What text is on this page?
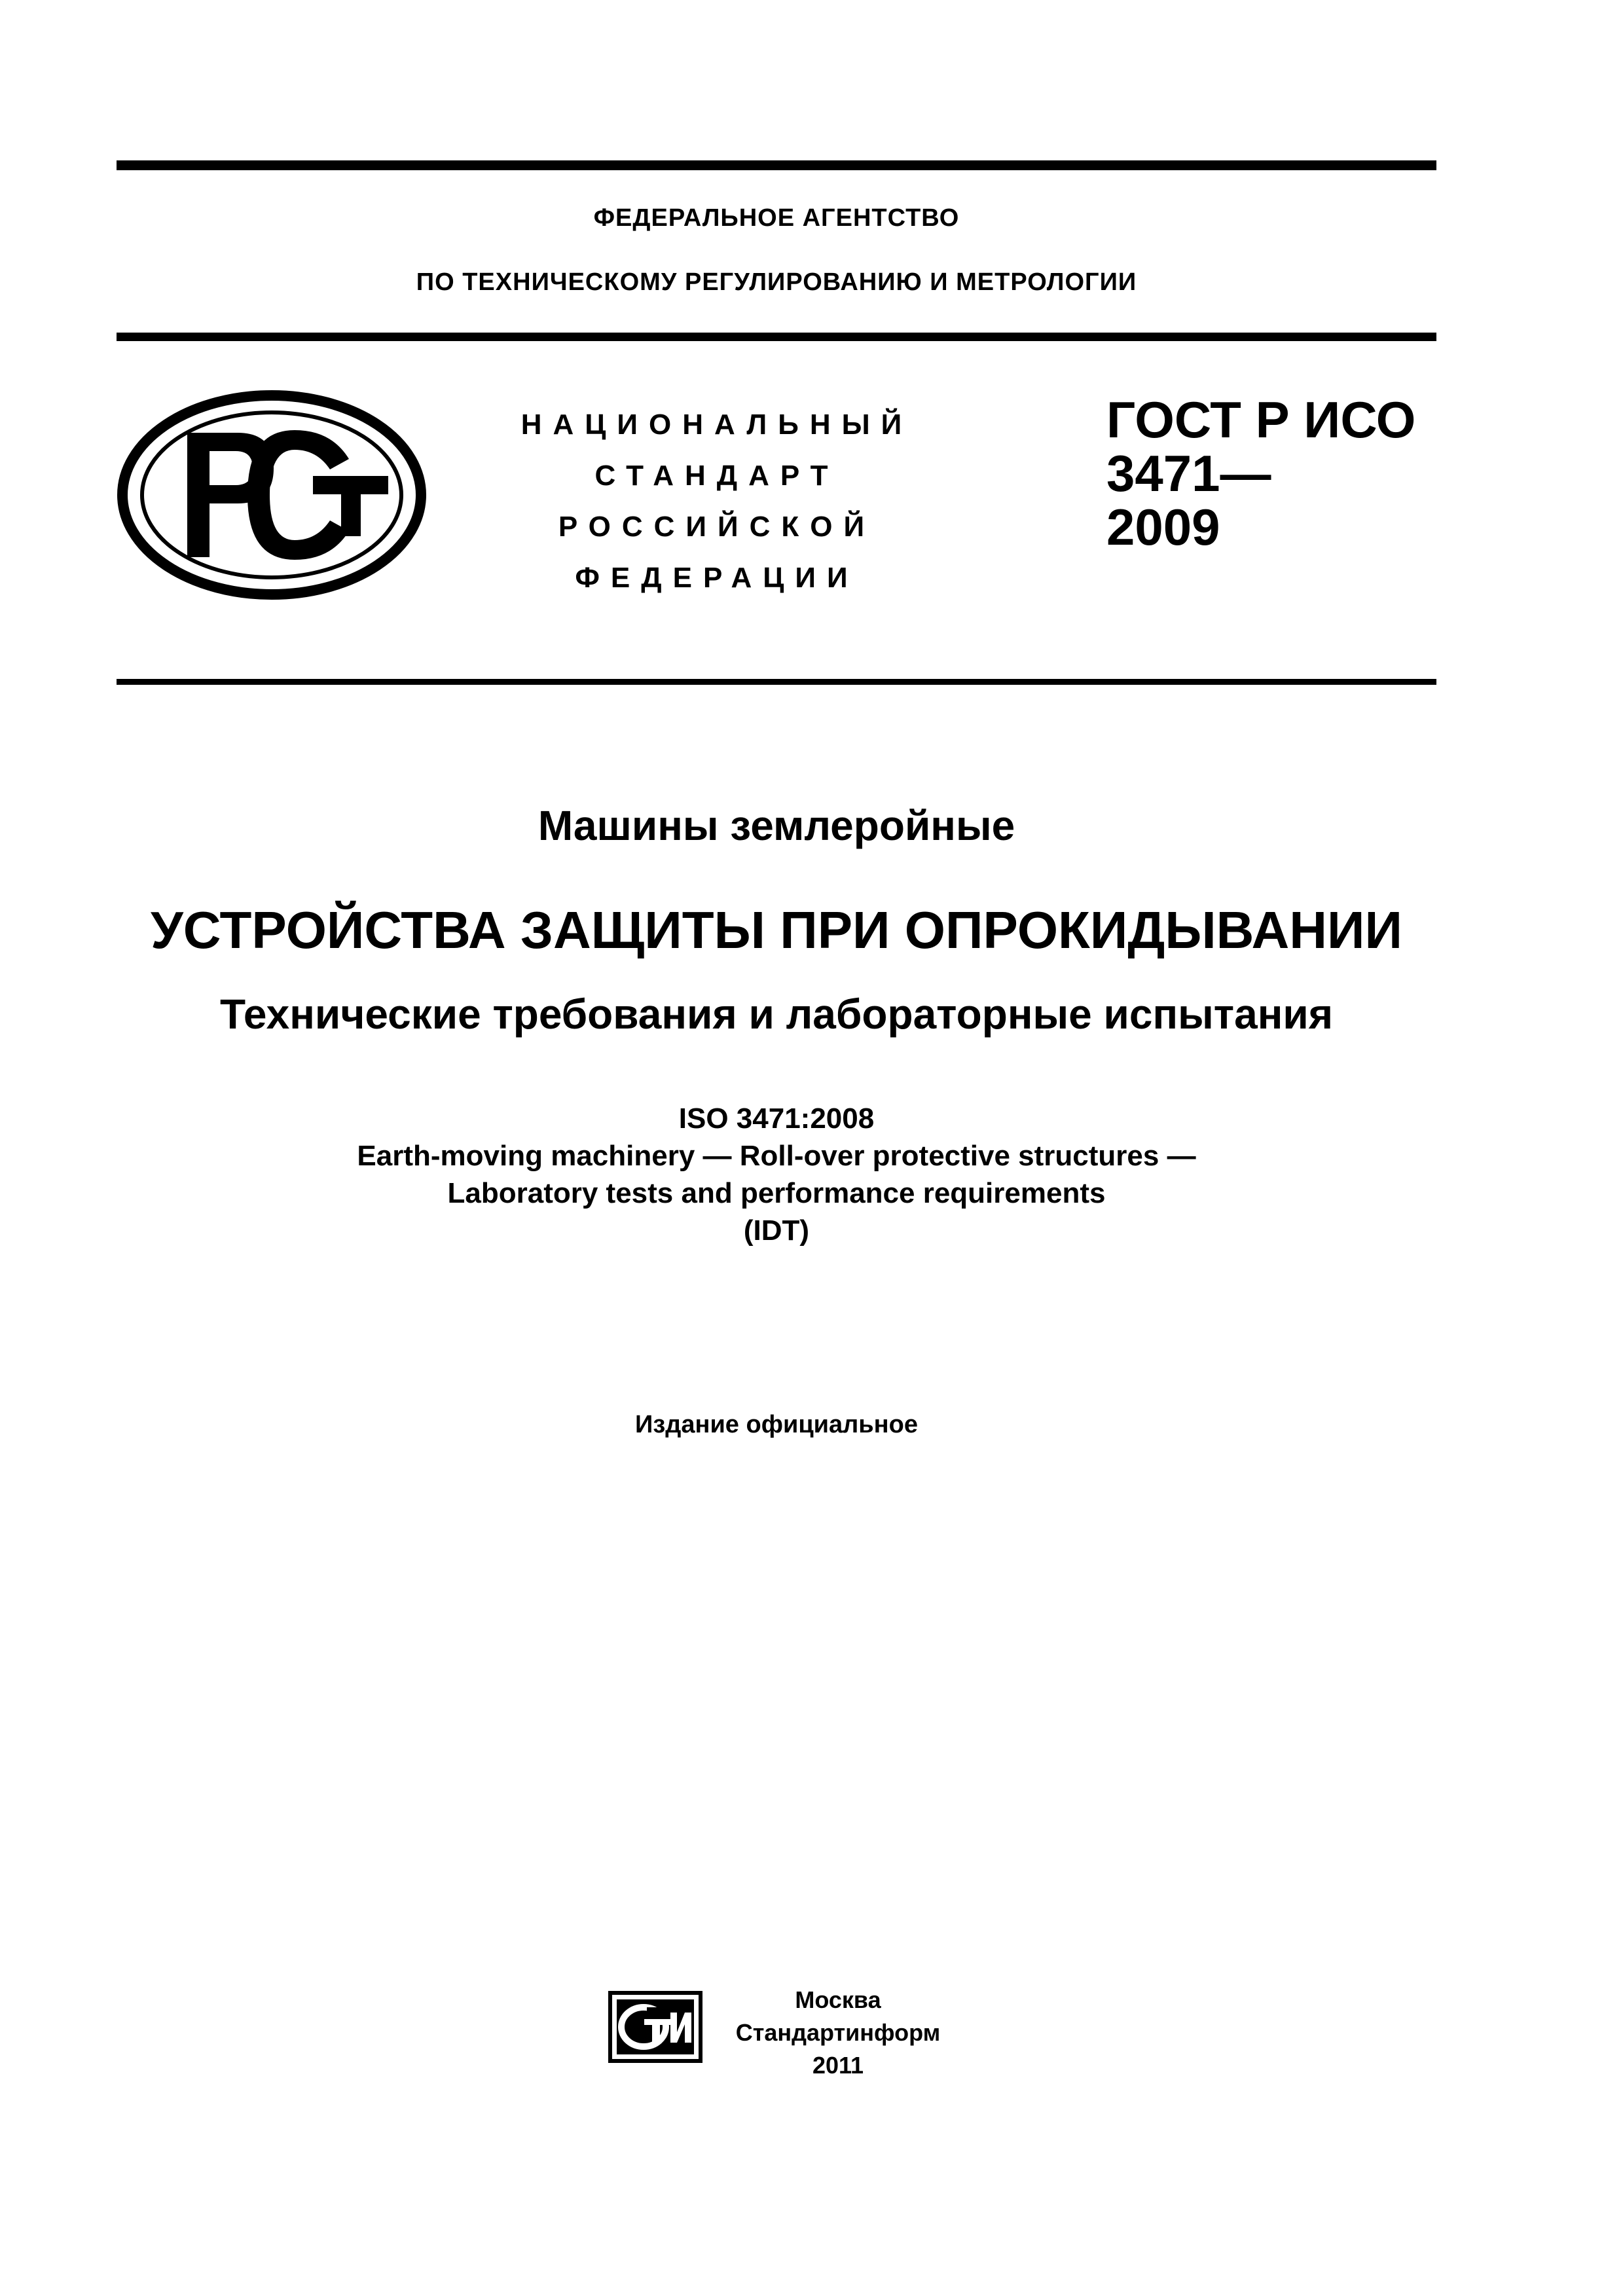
ФЕДЕРАЛЬНОЕ АГЕНТСТВО
ПО ТЕХНИЧЕСКОМУ РЕГУЛИРОВАНИЮ И МЕТРОЛОГИИ
НАЦИОНАЛЬНЫЙ
СТАНДАРТ
РОССИЙСКОЙ
ФЕДЕРАЦИИ
ГОСТ Р ИСО
3471—
2009
Машины землеройные
УСТРОЙСТВА ЗАЩИТЫ ПРИ ОПРОКИДЫВАНИИ
Технические требования и лабораторные испытания
ISO 3471:2008
Earth-moving machinery — Roll-over protective structures —
Laboratory tests and performance requirements
(IDT)
Издание официальное
Москва
Стандартинформ
2011
